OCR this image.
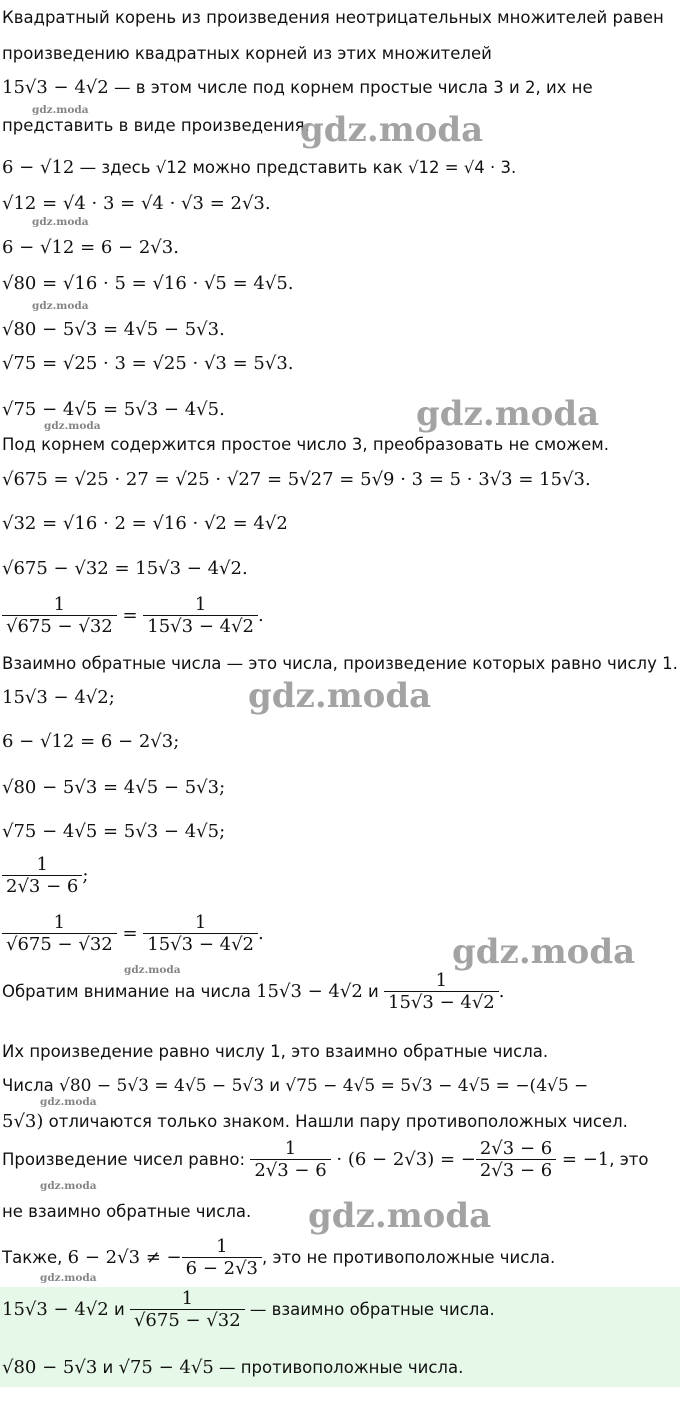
Квадратный корень из произведения неотрицательных множителей равен
произведению квадратных корней из этих множителей
15√3 − 4√2 — в этом числе под корнем простые числа 3 и 2, их не
представить в виде произведения.
6 − √12 — здесь √12 можно представить как √12 = √4 · 3.
√12 = √4 · 3 = √4 · √3 = 2√3.
6 − √12 = 6 − 2√3.
√80 = √16 · 5 = √16 · √5 = 4√5.
√80 − 5√3 = 4√5 − 5√3.
√75 = √25 · 3 = √25 · √3 = 5√3.
√75 − 4√5 = 5√3 − 4√5.
Под корнем содержится простое число 3, преобразовать не сможем.
√675 = √25 · 27 = √25 · √27 = 5√27 = 5√9 · 3 = 5 · 3√3 = 15√3.
√32 = √16 · 2 = √16 · √2 = 4√2
√675 − √32 = 15√3 − 4√2.
$\frac{1}{√675 - √32} = \frac{1}{15√3 - 4√2}$ .
Взаимно обратные числа — это числа, произведение которых равно числу 1.
15√3 − 4√2;
6 − √12 = 6 − 2√3;
√80 − 5√3 = 4√5 − 5√3;
√75 − 4√5 = 5√3 − 4√5;
$\frac{1}{2√3 - 6}$ ;
$\frac{1}{√675 - √32} = \frac{1}{15√3 - 4√2}$ .
Обратим внимание на числа 15√3 − 4√2 и $\frac{1}{15√3 - 4√2}$ .
Их произведение равно числу 1, это взаимно обратные числа.
Числа √80 − 5√3 = 4√5 − 5√3 и √75 − 4√5 = 5√3 − 4√5 = −(4√5 −
5√3) отличаются только знаком. Нашли пару противоположных чисел.
Произведение чисел равно: $\frac{1}{2√3 - 6} \cdot (6 - 2√3)$ = − $\frac{2√3 - 6}{2√3 - 6} = -1$, это
не взаимно обратные числа.
Также, 6 − 2√3 ≠ − $\frac{1}{6 - 2√3}$ , это не противоположные числа.
15√3 − 4√2 и $\frac{1}{√675 - √32}$ — взаимно обратные числа.
√80 − 5√3 и √75 − 4√5 — противоположные числа.
gdz.moda
gdz.moda
gdz.moda
gdz.moda
gdz.moda
gdz.moda
gdz.moda
gdz.moda
gdz.moda
gdz.moda
gdz.moda
gdz.moda
gdz.moda
